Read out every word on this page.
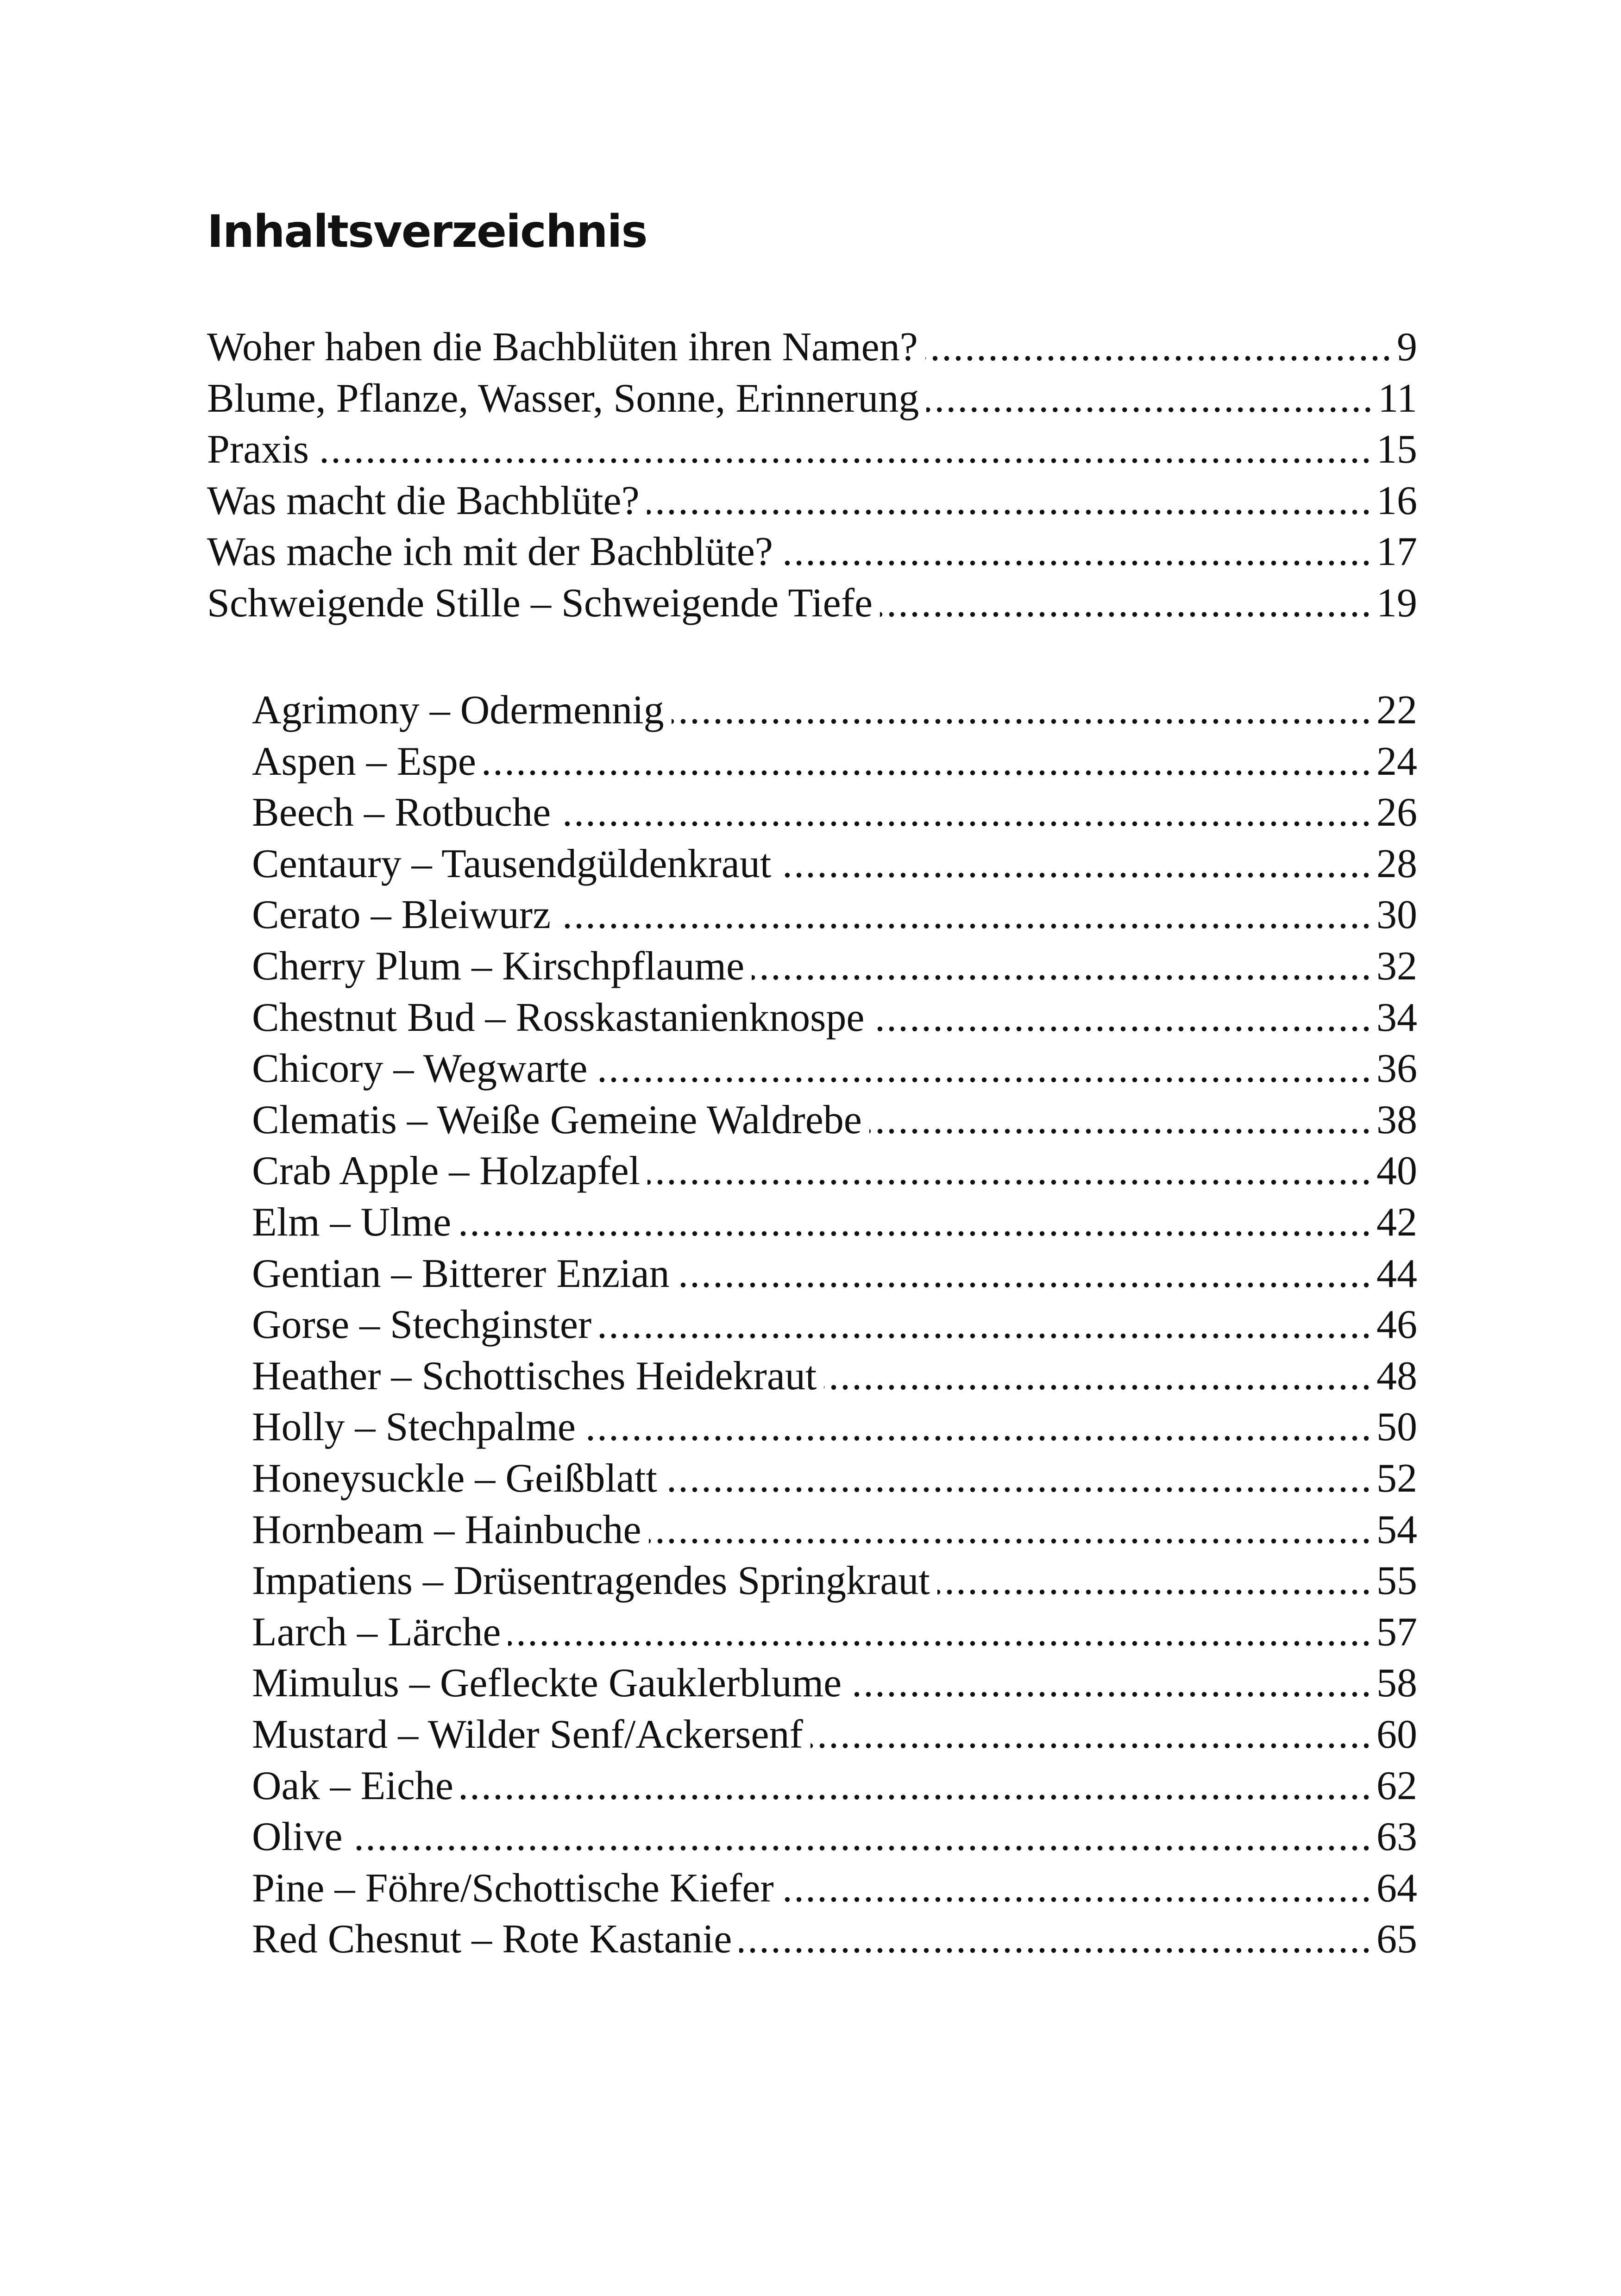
Inhaltsverzeichnis
Woher haben die Bachblüten ihren Namen? .....	9
Blume, Pflanze, Wasser, Sonne, Erinnerung .....	11
Praxis .....	15
Was macht die Bachblüte? .....	16
Was mache ich mit der Bachblüte? .....	17
Schweigende Stille – Schweigende Tiefe .....	19
Agrimony – Odermennig .....	22
Aspen – Espe .....	24
Beech – Rotbuche .....	26
Centaury – Tausendgüldenkraut .....	28
Cerato – Bleiwurz .....	30
Cherry Plum – Kirschpflaume .....	32
Chestnut Bud – Rosskastanienknospe .....	34
Chicory – Wegwarte .....	36
Clematis – Weiße Gemeine Waldrebe .....	38
Crab Apple – Holzapfel .....	40
Elm – Ulme .....	42
Gentian – Bitterer Enzian .....	44
Gorse – Stechginster .....	46
Heather – Schottisches Heidekraut .....	48
Holly – Stechpalme .....	50
Honeysuckle – Geißblatt .....	52
Hornbeam – Hainbuche .....	54
Impatiens – Drüsentragendes Springkraut .....	55
Larch – Lärche .....	57
Mimulus – Gefleckte Gauklerblume .....	58
Mustard – Wilder Senf/Ackersenf .....	60
Oak – Eiche .....	62
Olive .....	63
Pine – Föhre/Schottische Kiefer .....	64
Red Chesnut – Rote Kastanie .....	65
